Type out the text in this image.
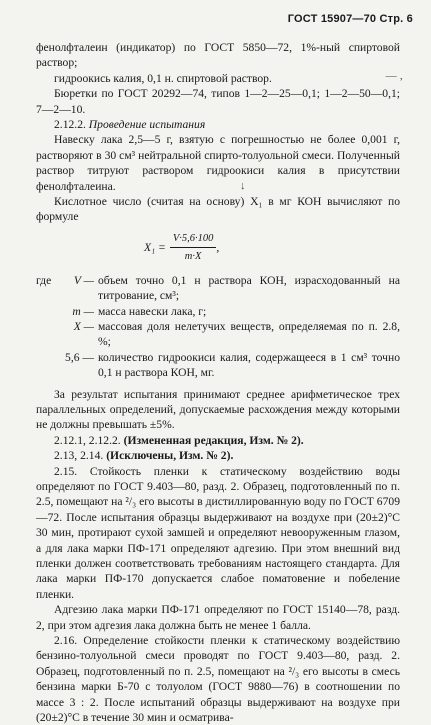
ГОСТ 15907—70 Стр. 6
— ‚
↓
фенолфталеин (индикатор) по ГОСТ 5850—72, 1%-ный спиртовой раствор;
гидроокись калия, 0,1 н. спиртовой раствор.
Бюретки по ГОСТ 20292—74, типов 1—2—25—0,1; 1—2—50—0,1; 7—2—10.
2.12.2. Проведение испытания
Навеску лака 2,5—5 г, взятую с погрешностью не более 0,001 г, растворяют в 30 см³ нейтральной спирто-толуольной смеси. Полученный раствор титруют раствором гидроокиси калия в присутствии фенолфталеина.
Кислотное число (считая на основу) X₁ в мг КОН вычисляют по формуле
$X_1 = \frac{V\cdot 5,6\cdot 100}{m\cdot X}$ ,
где V — объем точно 0,1 н раствора КОН, израсходованный на титрование, см³;
m — масса навески лака, г;
X — массовая доля нелетучих веществ, определяемая по п. 2.8, %;
5,6 — количество гидроокиси калия, содержащееся в 1 см³ точно 0,1 н раствора КОН, мг.
За результат испытания принимают среднее арифметическое трех параллельных определений, допускаемые расхождения между которыми не должны превышать ±5%.
2.12.1, 2.12.2. (Измененная редакция, Изм. № 2).
2.13, 2.14. (Исключены, Изм. № 2).
2.15. Стойкость пленки к статическому воздействию воды определяют по ГОСТ 9.403—80, разд. 2. Образец, подготовленный по п. 2.5, помещают на ²/₃ его высоты в дистиллированную воду по ГОСТ 6709—72. После испытания образцы выдерживают на воздухе при (20±2)°С 30 мин, протирают сухой замшей и определяют невооруженным глазом, а для лака марки ПФ-171 определяют адгезию. При этом внешний вид пленки должен соответствовать требованиям настоящего стандарта. Для лака марки ПФ-170 допускается слабое поматовение и побеление пленки.
Адгезию лака марки ПФ-171 определяют по ГОСТ 15140—78, разд. 2, при этом адгезия лака должна быть не менее 1 балла.
2.16. Определение стойкости пленки к статическому воздействию бензино-толуольной смеси проводят по ГОСТ 9.403—80, разд. 2. Образец, подготовленный по п. 2.5, помещают на ²/₃ его высоты в смесь бензина марки Б-70 с толуолом (ГОСТ 9880—76) в соотношении по массе 3 : 2. После испытаний образцы выдерживают на воздухе при (20±2)°С в течение 30 мин и осматрива-
